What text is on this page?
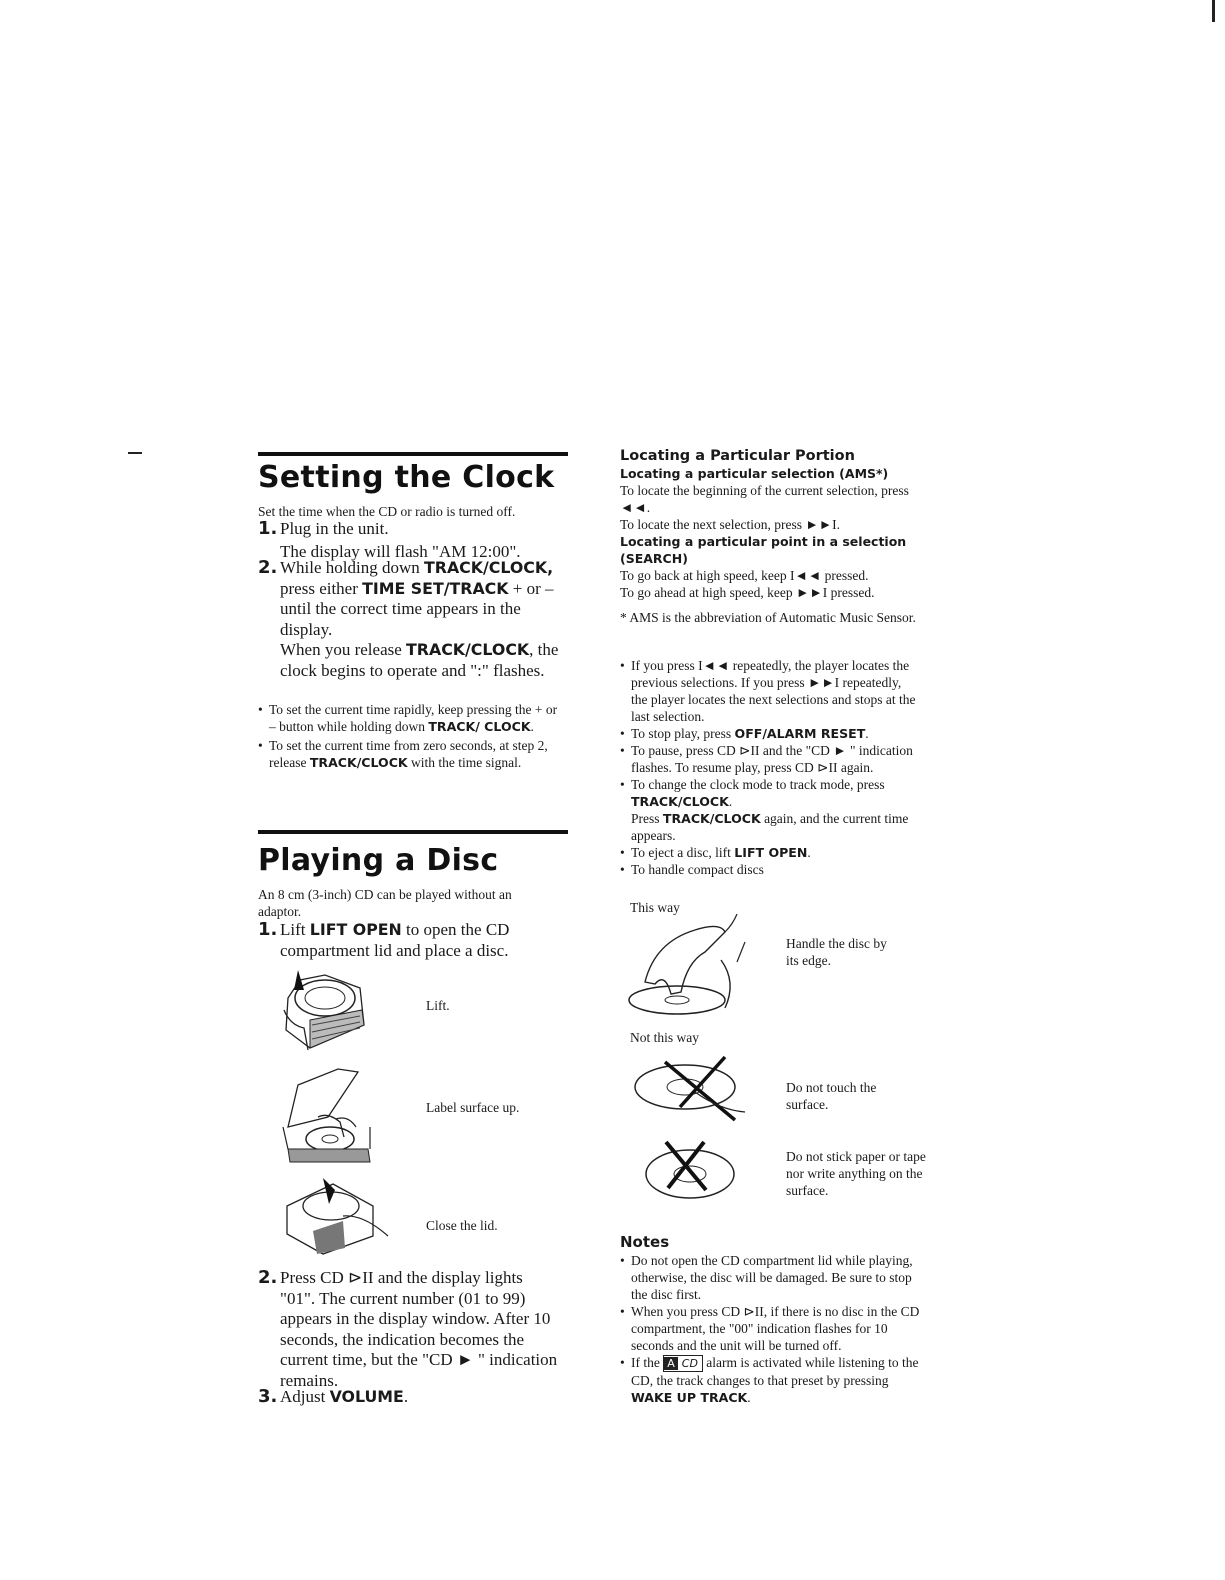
Setting the Clock
Set the time when the CD or radio is turned off.
1. Plug in the unit.
The display will flash "AM 12:00".
2. While holding down TRACK/CLOCK,
press either TIME SET/TRACK + or –
until the correct time appears in the display.
When you release TRACK/CLOCK, the clock begins to operate and ":" flashes.
• To set the current time rapidly, keep pressing the + or – button while holding down TRACK/ CLOCK.
• To set the current time from zero seconds, at step 2, release TRACK/CLOCK with the time signal.
Playing a Disc
An 8 cm (3-inch) CD can be played without an adaptor.
1. Lift LIFT OPEN to open the CD compartment lid and place a disc.
Lift.
Label surface up.
Close the lid.
2. Press CD ⊳II and the display lights "01". The current number (01 to 99) appears in the display window. After 10 seconds, the indication becomes the current time, but the "CD ► " indication remains.
3. Adjust VOLUME.
Locating a Particular Portion
Locating a particular selection (AMS*)
To locate the beginning of the current selection, press ◄◄.
To locate the next selection, press ►►I.
Locating a particular point in a selection (SEARCH)
To go back at high speed, keep I◄◄ pressed.
To go ahead at high speed, keep ►►I pressed.
* AMS is the abbreviation of Automatic Music Sensor.
• If you press I◄◄ repeatedly, the player locates the previous selections. If you press ►►I repeatedly, the player locates the next selections and stops at the last selection.
• To stop play, press OFF/ALARM RESET.
• To pause, press CD ⊳II and the "CD ► " indication flashes. To resume play, press CD ⊳II again.
• To change the clock mode to track mode, press TRACK/CLOCK.
Press TRACK/CLOCK again, and the current time appears.
• To eject a disc, lift LIFT OPEN.
• To handle compact discs
This way
Handle the disc by its edge.
Not this way
Do not touch the surface.
Do not stick paper or tape nor write anything on the surface.
Notes
• Do not open the CD compartment lid while playing, otherwise, the disc will be damaged. Be sure to stop the disc first.
• When you press CD ⊳II, if there is no disc in the CD compartment, the "00" indication flashes for 10 seconds and the unit will be turned off.
• If the A CD alarm is activated while listening to the CD, the track changes to that preset by pressing WAKE UP TRACK.
